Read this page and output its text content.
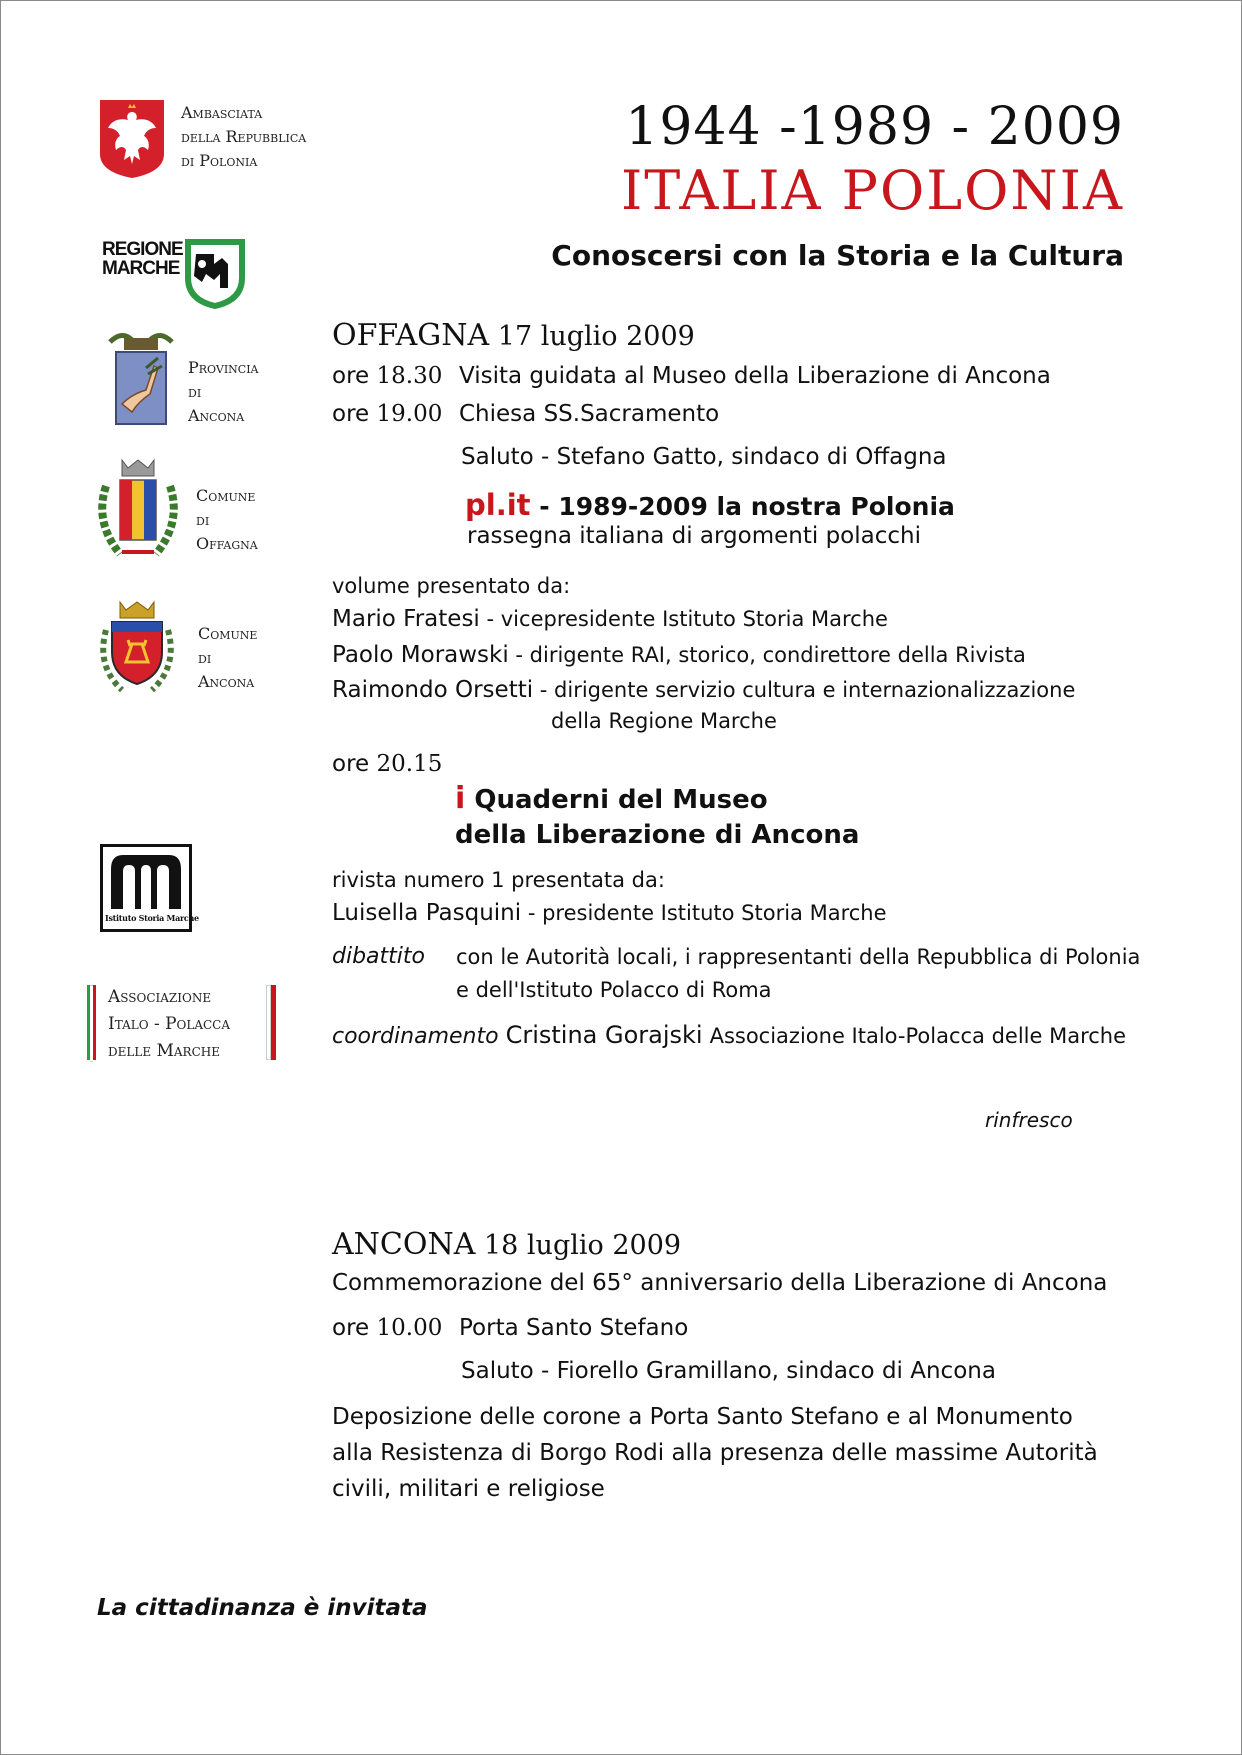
Ambasciata
della Repubblica
di Polonia
REGIONE
MARCHE
Provincia
di
Ancona
Comune
di
Offagna
Comune
di
Ancona
Istituto Storia Marche
Associazione
Italo - Polacca
delle Marche
1944 -1989 - 2009
ITALIA POLONIA
Conoscersi con la Storia e la Cultura
OFFAGNA 17 luglio 2009
ore 18.30 Visita guidata al Museo della Liberazione di Ancona
ore 19.00 Chiesa SS.Sacramento
Saluto - Stefano Gatto, sindaco di Offagna
pl.it - 1989-2009 la nostra Polonia
rassegna italiana di argomenti polacchi
volume presentato da:
Mario Fratesi - vicepresidente Istituto Storia Marche
Paolo Morawski - dirigente RAI, storico, condirettore della Rivista
Raimondo Orsetti - dirigente servizio cultura e internazionalizzazione
della Regione Marche
ore 20.15
i Quaderni del Museo
della Liberazione di Ancona
rivista numero 1 presentata da:
Luisella Pasquini - presidente Istituto Storia Marche
dibattito con le Autorità locali, i rappresentanti della Repubblica di Polonia
e dell'Istituto Polacco di Roma
coordinamento Cristina Gorajski Associazione Italo-Polacca delle Marche
rinfresco
ANCONA 18 luglio 2009
Commemorazione del 65° anniversario della Liberazione di Ancona
ore 10.00 Porta Santo Stefano
Saluto - Fiorello Gramillano, sindaco di Ancona
Deposizione delle corone a Porta Santo Stefano e al Monumento
alla Resistenza di Borgo Rodi alla presenza delle massime Autorità
civili, militari e religiose
La cittadinanza è invitata
